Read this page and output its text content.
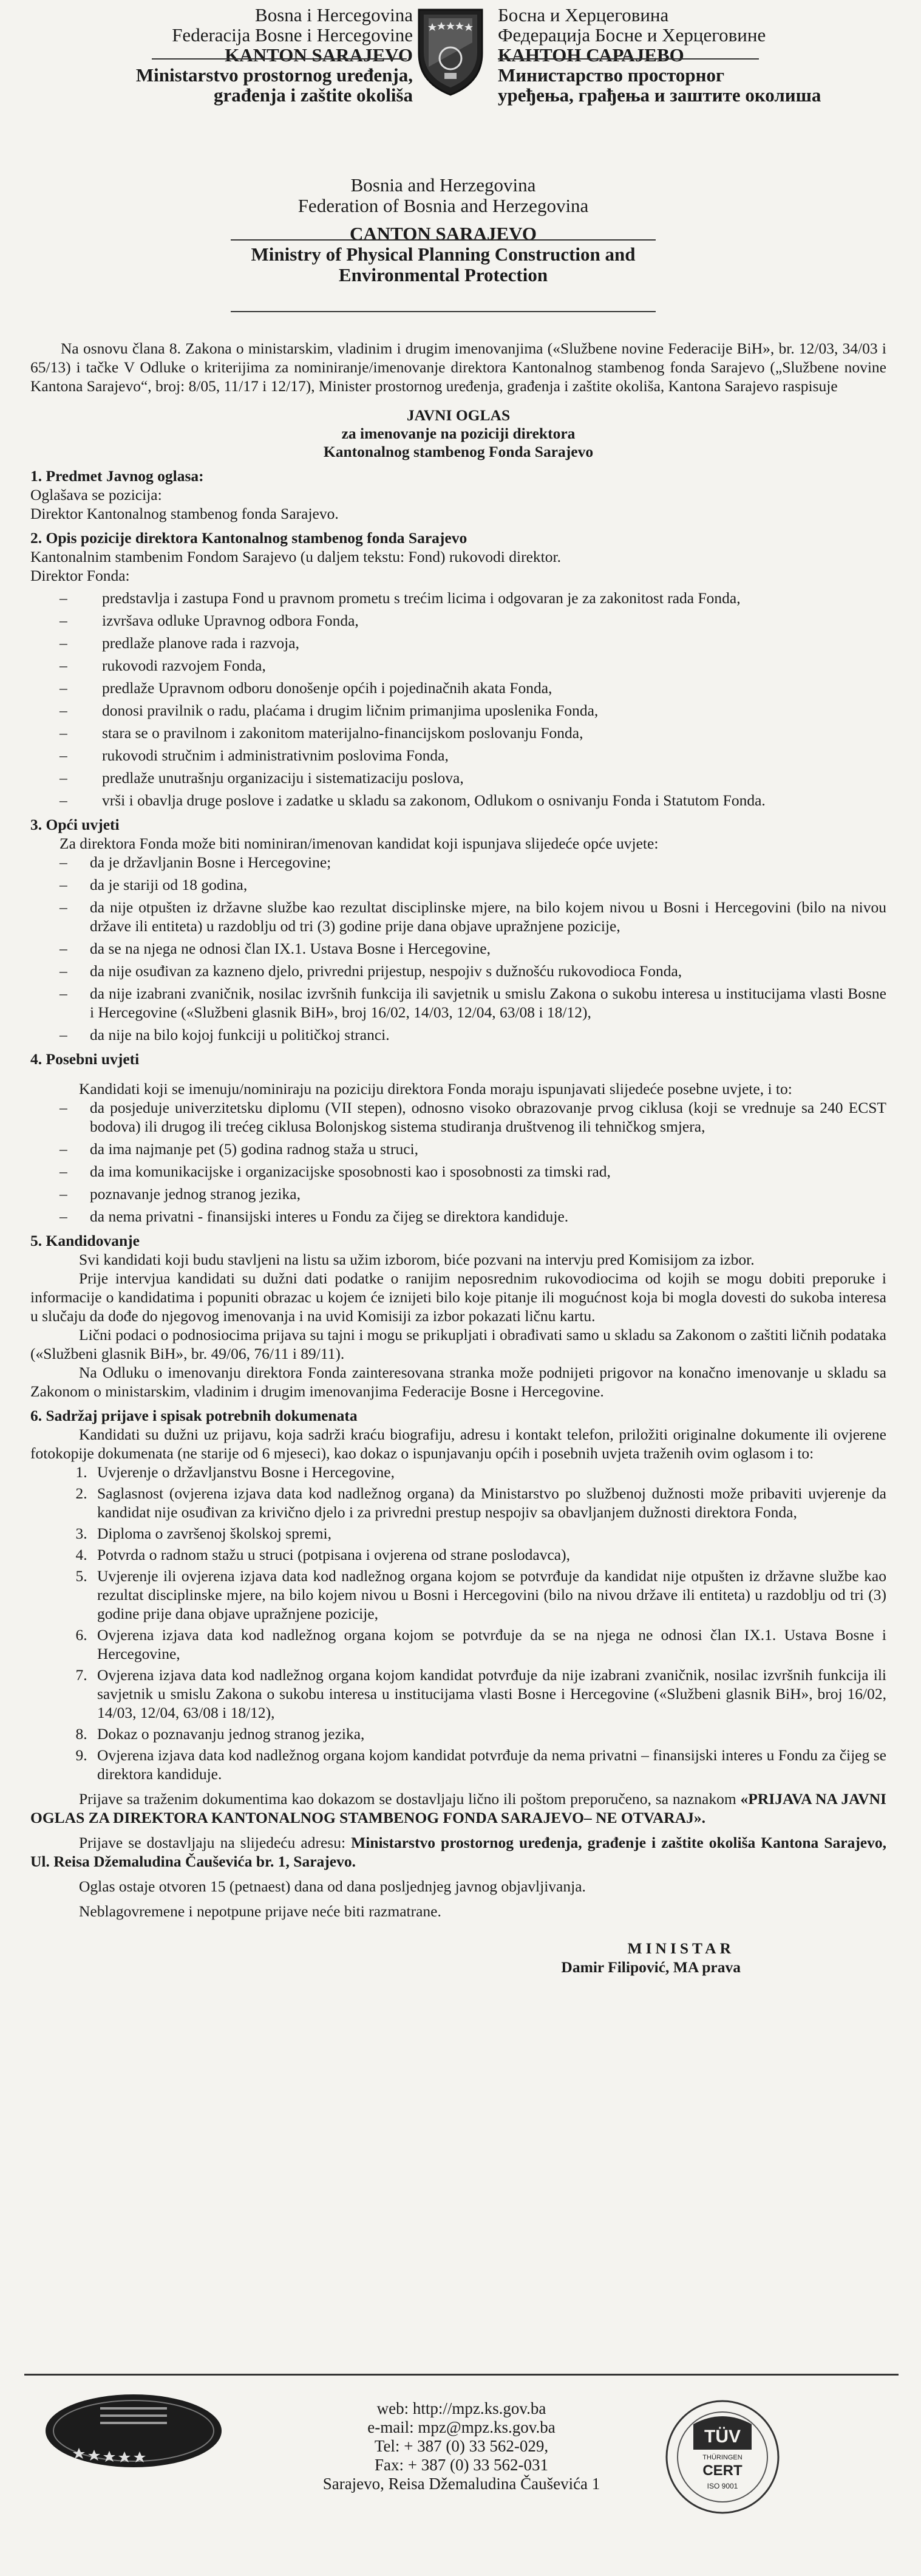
Bosna i Hercegovina
Federacija Bosne i Hercegovine
KANTON SARAJEVO
Ministarstvo prostornog uređenja,
građenja i zaštite okoliša
Босна и Херцеговина
Федерација Босне и Херцеговине
КАНТОН САРАЈЕВО
Министарство просторног
уређења, грађења и заштите околиша
Bosnia and Herzegovina
Federation of Bosnia and Herzegovina
CANTON SARAJEVO
Ministry of Physical Planning Construction and
Environmental Protection

Na osnovu člana 8. Zakona o ministarskim, vladinim i drugim imenovanjima («Službene novine Federacije BiH», br. 12/03, 34/03 i 65/13) i tačke V Odluke o kriterijima za nominiranje/imenovanje direktora Kantonalnog stambenog fonda Sarajevo („Službene novine Kantona Sarajevo“, broj: 8/05, 11/17 i 12/17), Minister prostornog uređenja, građenja i zaštite okoliša, Kantona Sarajevo raspisuje

JAVNI OGLAS
za imenovanje na poziciji direktora
Kantonalnog stambenog Fonda Sarajevo

1. Predmet Javnog oglasa:

Oglašava se pozicija:

Direktor Kantonalnog stambenog fonda Sarajevo.

2. Opis pozicije direktora Kantonalnog stambenog fonda Sarajevo

Kantonalnim stambenim Fondom Sarajevo (u daljem tekstu: Fond) rukovodi direktor.

Direktor Fonda:

– predstavlja i zastupa Fond u pravnom prometu s trećim licima i odgovaran je za zakonitost rada Fonda,
– izvršava odluke Upravnog odbora Fonda,
– predlaže planove rada i razvoja,
– rukovodi razvojem Fonda,
– predlaže Upravnom odboru donošenje općih i pojedinačnih akata Fonda,
– donosi pravilnik o radu, plaćama i drugim ličnim primanjima uposlenika Fonda,
– stara se o pravilnom i zakonitom materijalno-financijskom poslovanju Fonda,
– rukovodi stručnim i administrativnim poslovima Fonda,
– predlaže unutrašnju organizaciju i sistematizaciju poslova,
– vrši i obavlja druge poslove i zadatke u skladu sa zakonom, Odlukom o osnivanju Fonda i Statutom Fonda.

3. Opći uvjeti

Za direktora Fonda može biti nominiran/imenovan kandidat koji ispunjava slijedeće opće uvjete:

– da je državljanin Bosne i Hercegovine;
– da je stariji od 18 godina,
– da nije otpušten iz državne službe kao rezultat disciplinske mjere, na bilo kojem nivou u Bosni i Hercegovini (bilo na nivou države ili entiteta) u razdoblju od tri (3) godine prije dana objave upražnjene pozicije,
– da se na njega ne odnosi član IX.1. Ustava Bosne i Hercegovine,
– da nije osuđivan za kazneno djelo, privredni prijestup, nespojiv s dužnošću rukovodioca Fonda,
– da nije izabrani zvaničnik, nosilac izvršnih funkcija ili savjetnik u smislu Zakona o sukobu interesa u institucijama vlasti Bosne i Hercegovine («Službeni glasnik BiH», broj 16/02, 14/03, 12/04, 63/08 i 18/12),
– da nije na bilo kojoj funkciji u političkoj stranci.

4. Posebni uvjeti

Kandidati koji se imenuju/nominiraju na poziciju direktora Fonda moraju ispunjavati slijedeće posebne uvjete, i to:

– da posjeduje univerzitetsku diplomu (VII stepen), odnosno visoko obrazovanje prvog ciklusa (koji se vrednuje sa 240 ECST bodova) ili drugog ili trećeg ciklusa Bolonjskog sistema studiranja društvenog ili tehničkog smjera,
– da ima najmanje pet (5) godina radnog staža u struci,
– da ima komunikacijske i organizacijske sposobnosti kao i sposobnosti za timski rad,
– poznavanje jednog stranog jezika,
– da nema privatni - finansijski interes u Fondu za čijeg se direktora kandiduje.

5. Kandidovanje

Svi kandidati koji budu stavljeni na listu sa užim izborom, biće pozvani na intervju pred Komisijom za izbor.

Prije intervjua kandidati su dužni dati podatke o ranijim neposrednim rukovodiocima od kojih se mogu dobiti preporuke i informacije o kandidatima i popuniti obrazac u kojem će iznijeti bilo koje pitanje ili mogućnost koja bi mogla dovesti do sukoba interesa u slučaju da dođe do njegovog imenovanja i na uvid Komisiji za izbor pokazati ličnu kartu.

Lični podaci o podnosiocima prijava su tajni i mogu se prikupljati i obrađivati samo u skladu sa Zakonom o zaštiti ličnih podataka («Službeni glasnik BiH», br. 49/06, 76/11 i 89/11).

Na Odluku o imenovanju direktora Fonda zainteresovana stranka može podnijeti prigovor na konačno imenovanje u skladu sa Zakonom o ministarskim, vladinim i drugim imenovanjima Federacije Bosne i Hercegovine.

6. Sadržaj prijave i spisak potrebnih dokumenata

Kandidati su dužni uz prijavu, koja sadrži kraću biografiju, adresu i kontakt telefon, priložiti originalne dokumente ili ovjerene fotokopije dokumenata (ne starije od 6 mjeseci), kao dokaz o ispunjavanju općih i posebnih uvjeta traženih ovim oglasom i to:

1. Uvjerenje o državljanstvu Bosne i Hercegovine,
2. Saglasnost (ovjerena izjava data kod nadležnog organa) da Ministarstvo po službenoj dužnosti može pribaviti uvjerenje da kandidat nije osuđivan za krivično djelo i za privredni prestup nespojiv sa obavljanjem dužnosti direktora Fonda,
3. Diploma o završenoj školskoj spremi,
4. Potvrda o radnom stažu u struci (potpisana i ovjerena od strane poslodavca),
5. Uvjerenje ili ovjerena izjava data kod nadležnog organa kojom se potvrđuje da kandidat nije otpušten iz državne službe kao rezultat disciplinske mjere, na bilo kojem nivou u Bosni i Hercegovini (bilo na nivou države ili entiteta) u razdoblju od tri (3) godine prije dana objave upražnjene pozicije,
6. Ovjerena izjava data kod nadležnog organa kojom se potvrđuje da se na njega ne odnosi član IX.1. Ustava Bosne i Hercegovine,
7. Ovjerena izjava data kod nadležnog organa kojom kandidat potvrđuje da nije izabrani zvaničnik, nosilac izvršnih funkcija ili savjetnik u smislu Zakona o sukobu interesa u institucijama vlasti Bosne i Hercegovine («Službeni glasnik BiH», broj 16/02, 14/03, 12/04, 63/08 i 18/12),
8. Dokaz o poznavanju jednog stranog jezika,
9. Ovjerena izjava data kod nadležnog organa kojom kandidat potvrđuje da nema privatni – finansijski interes u Fondu za čijeg se direktora kandiduje.

Prijave sa traženim dokumentima kao dokazom se dostavljaju lično ili poštom preporučeno, sa naznakom «PRIJAVA NA JAVNI OGLAS ZA DIREKTORA KANTONALNOG STAMBENOG FONDA SARAJEVO– NE OTVARAJ».

Prijave se dostavljaju na slijedeću adresu: Ministarstvo prostornog uređenja, građenje i zaštite okoliša Kantona Sarajevo, Ul. Reisa Džemaludina Čauševića br. 1, Sarajevo.

Oglas ostaje otvoren 15 (petnaest) dana od dana posljednjeg javnog objavljivanja.

Neblagovremene i nepotpune prijave neće biti razmatrane.

MINISTAR

Damir Filipović, MA prava

web: http://mpz.ks.gov.ba
e-mail: mpz@mpz.ks.gov.ba
Tel: + 387 (0) 33 562-029,
Fax: + 387 (0) 33 562-031
Sarajevo, Reisa Džemaludina Čauševića 1
TÜV
THÜRINGEN
CERT
ISO 9001
